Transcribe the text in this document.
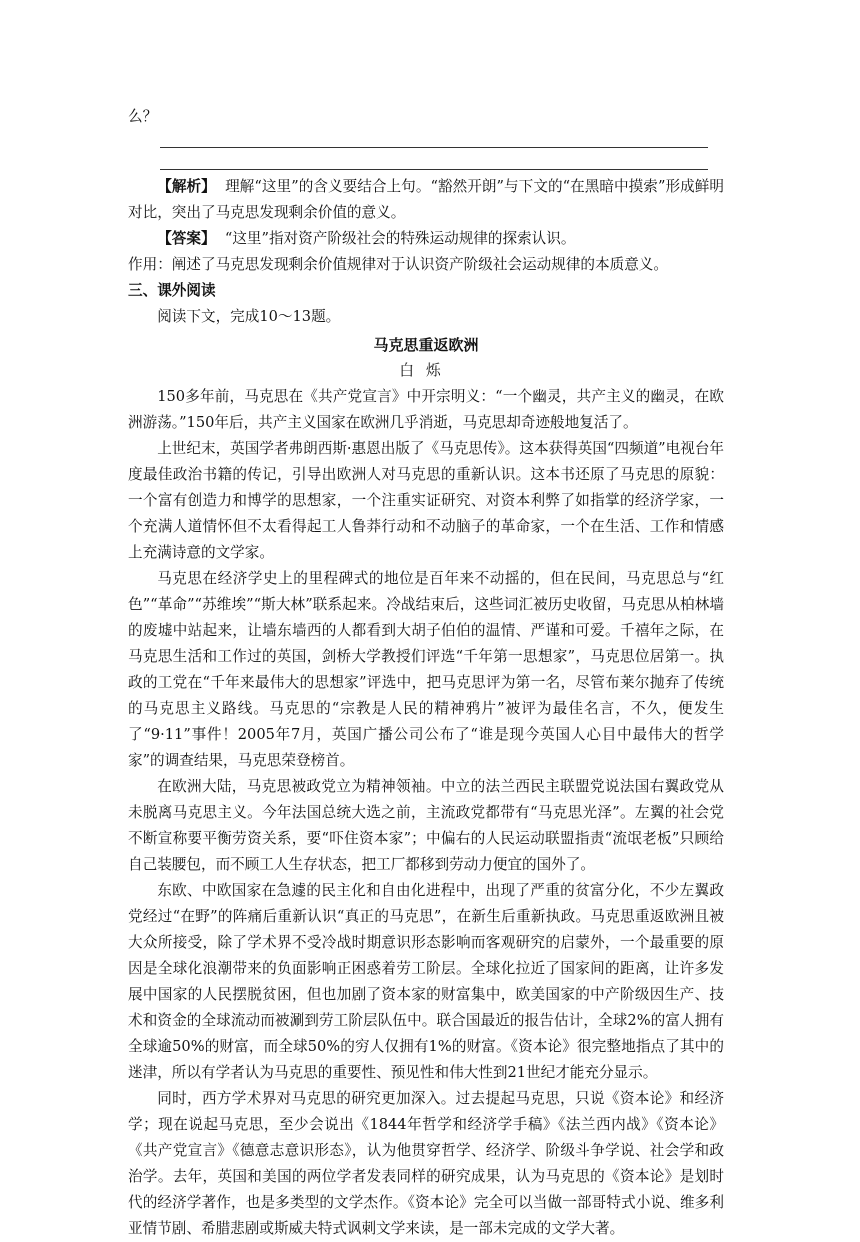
么？

【解析】 理解“这里”的含义要结合上句。“豁然开朗”与下文的“在黑暗中摸索”形成鲜明对比，突出了马克思发现剩余价值的意义。

【答案】 “这里”指对资产阶级社会的特殊运动规律的探索认识。

作用：阐述了马克思发现剩余价值规律对于认识资产阶级社会运动规律的本质意义。

三、课外阅读

阅读下文，完成10～13题。

马克思重返欧洲

白烁

150多年前，马克思在《共产党宣言》中开宗明义：“一个幽灵，共产主义的幽灵，在欧洲游荡。”150年后，共产主义国家在欧洲几乎消逝，马克思却奇迹般地复活了。

上世纪末，英国学者弗朗西斯·惠恩出版了《马克思传》。这本获得英国“四频道”电视台年度最佳政治书籍的传记，引导出欧洲人对马克思的重新认识。这本书还原了马克思的原貌：一个富有创造力和博学的思想家，一个注重实证研究、对资本利弊了如指掌的经济学家，一个充满人道情怀但不太看得起工人鲁莽行动和不动脑子的革命家，一个在生活、工作和情感上充满诗意的文学家。

马克思在经济学史上的里程碑式的地位是百年来不动摇的，但在民间，马克思总与“红色”“革命”“苏维埃”“斯大林”联系起来。冷战结束后，这些词汇被历史收留，马克思从柏林墙的废墟中站起来，让墙东墙西的人都看到大胡子伯伯的温情、严谨和可爱。千禧年之际，在马克思生活和工作过的英国，剑桥大学教授们评选“千年第一思想家”，马克思位居第一。执政的工党在“千年来最伟大的思想家”评选中，把马克思评为第一名，尽管布莱尔抛弃了传统的马克思主义路线。马克思的“宗教是人民的精神鸦片”被评为最佳名言，不久，便发生了“9·11”事件！2005年7月，英国广播公司公布了“谁是现今英国人心目中最伟大的哲学家”的调查结果，马克思荣登榜首。

在欧洲大陆，马克思被政党立为精神领袖。中立的法兰西民主联盟党说法国右翼政党从未脱离马克思主义。今年法国总统大选之前，主流政党都带有“马克思光泽”。左翼的社会党不断宣称要平衡劳资关系，要“吓住资本家”；中偏右的人民运动联盟指责“流氓老板”只顾给自己装腰包，而不顾工人生存状态，把工厂都移到劳动力便宜的国外了。

东欧、中欧国家在急遽的民主化和自由化进程中，出现了严重的贫富分化，不少左翼政党经过“在野”的阵痛后重新认识“真正的马克思”，在新生后重新执政。马克思重返欧洲且被大众所接受，除了学术界不受冷战时期意识形态影响而客观研究的启蒙外，一个最重要的原因是全球化浪潮带来的负面影响正困惑着劳工阶层。全球化拉近了国家间的距离，让许多发展中国家的人民摆脱贫困，但也加剧了资本家的财富集中，欧美国家的中产阶级因生产、技术和资金的全球流动而被涮到劳工阶层队伍中。联合国最近的报告估计，全球2%的富人拥有全球逾50%的财富，而全球50%的穷人仅拥有1%的财富。《资本论》很完整地指点了其中的迷津，所以有学者认为马克思的重要性、预见性和伟大性到21世纪才能充分显示。

同时，西方学术界对马克思的研究更加深入。过去提起马克思，只说《资本论》和经济学；现在说起马克思，至少会说出《1844年哲学和经济学手稿》《法兰西内战》《资本论》《共产党宣言》《德意志意识形态》，认为他贯穿哲学、经济学、阶级斗争学说、社会学和政治学。去年，英国和美国的两位学者发表同样的研究成果，认为马克思的《资本论》是划时代的经济学著作，也是多类型的文学杰作。《资本论》完全可以当做一部哥特式小说、维多利亚情节剧、希腊悲剧或斯威夫特式讽刺文学来读，是一部未完成的文学大著。
